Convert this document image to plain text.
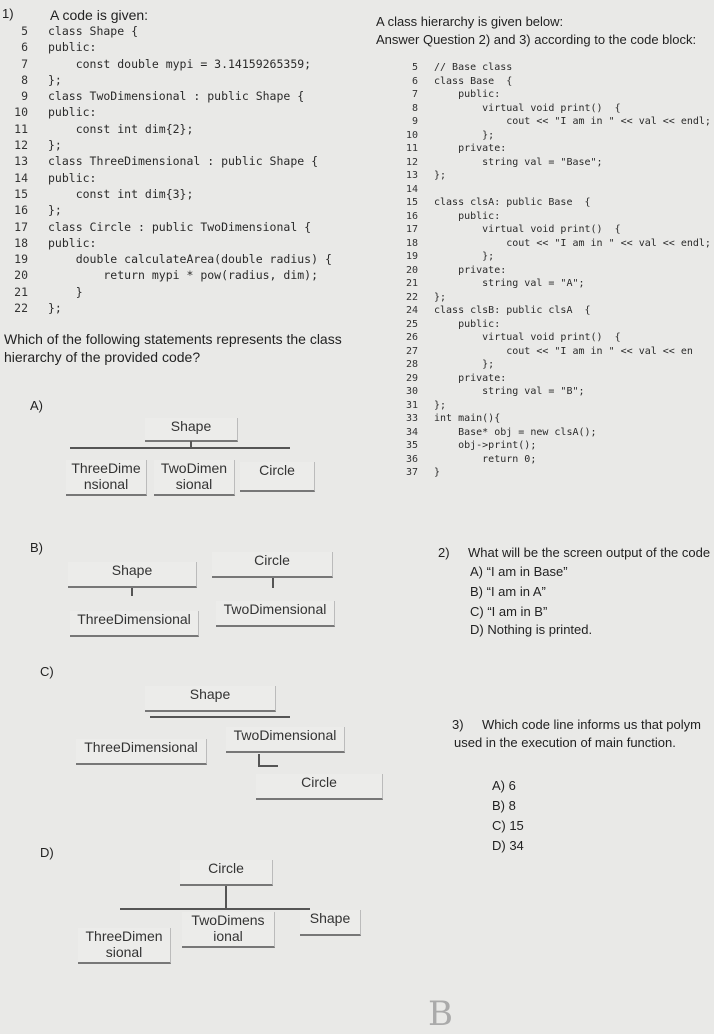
1)	A code is given:
5
6
7
8
9
10
11
12
13
14
15
16
17
18
19
20
21
22
class Shape {
public:
const double mypi = 3.14159265359;
};
class TwoDimensional : public Shape {
public:
const int dim{2};
};
class ThreeDimensional : public Shape {
public:
const int dim{3};
};
class Circle : public TwoDimensional {
public:
double calculateArea(double radius) {
return mypi * pow(radius, dim);
}
};
Which of the following statements represents the class hierarchy of the provided code?
A)
Shape
ThreeDime
nsional
TwoDimen
sional
Circle
B)
Shape
Circle
ThreeDimensional
TwoDimensional
C)
Shape
ThreeDimensional
TwoDimensional
Circle
D)
Circle
ThreeDimen
sional
TwoDimens
ional
Shape
A class hierarchy is given below:
Answer Question 2) and 3) according to the code block:
5
6
7
8
9
10
11
12
13
14
15
16
17
18
19
20
21
22
24
25
26
27
28
29
30
31
33
34
35
36
37
// Base class
class Base  {
public:
virtual void print()  {
cout << "I am in " << val << endl;
};
private:
string val = "Base";
};

class clsA: public Base  {
public:
virtual void print()  {
cout << "I am in " << val << endl;
};
private:
string val = "A";
};
class clsB: public clsA  {
public:
virtual void print()  {
cout << "I am in " << val << en
};
private:
string val = "B";
};
int main(){
Base* obj = new clsA();
obj->print();
return 0;
}
2) What will be the screen output of the code
A) “I am in Base”
B) “I am in A”
C) “I am in B”
D) Nothing is printed.
3) Which code line informs us that polym
used in the execution of main function.
A) 6
B) 8
C) 15
D) 34
B
